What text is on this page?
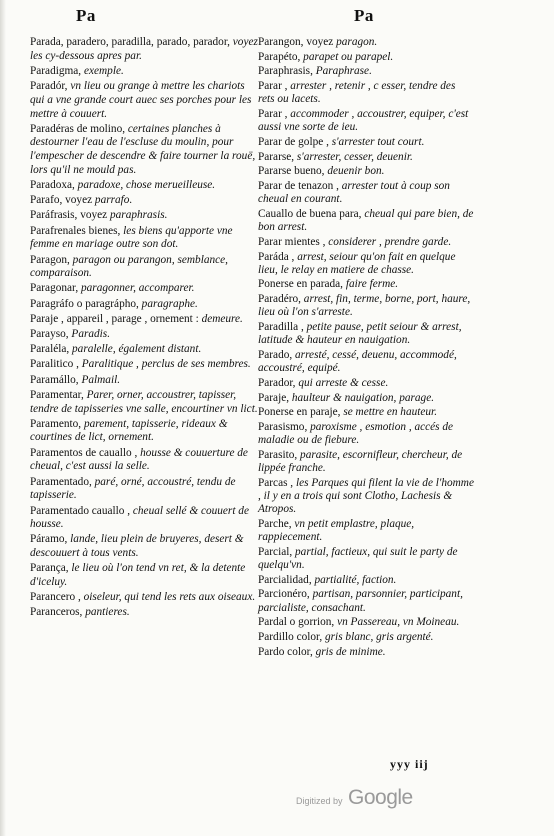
Pa	Pa
Parada, paradero, paradilla, parado, parador, voyez les cy-dessous apres par.
Paradigma, exemple.
Paradór, vn lieu ou grange à mettre les chariots qui a vne grande court auec ses porches pour les mettre à couuert.
Paradéras de molino, certaines planches à destourner l'eau de l'escluse du moulin, pour l'empescher de descendre & faire tourner la rouë, lors qu'il ne mould pas.
Paradoxa, paradoxe, chose merueilleuse.
Parafo, voyez parrafo.
Paráfrasis, voyez paraphrasis.
Parafrenales bienes, les biens qu'apporte vne femme en mariage outre son dot.
Paragon, paragon ou parangon, semblance, comparaison.
Paragonar, paragonner, accomparer.
Paragráfo o paragrápho, paragraphe.
Paraje , appareil , parage , ornement : demeure.
Parayso, Paradis.
Paraléla, paralelle, également distant.
Paralitico , Paralitique , perclus de ses membres.
Paramállo, Palmail.
Paramentar, Parer, orner, accoustrer, tapisser, tendre de tapisseries vne salle, encourtiner vn lict.
Paramento, parement, tapisserie, rideaux & courtines de lict, ornement.
Paramentos de cauallo , housse & couuerture de cheual, c'est aussi la selle.
Paramentado, paré, orné, accoustré, tendu de tapisserie.
Paramentado cauallo , cheual sellé & couuert de housse.
Páramo, lande, lieu plein de bruyeres, desert & descouuert à tous vents.
Parança, le lieu où l'on tend vn ret, & la detente d'iceluy.
Parancero , oiseleur, qui tend les rets aux oiseaux.
Paranceros, pantieres.
Parangon, voyez paragon.
Parapéto, parapet ou parapel.
Paraphrasis, Paraphrase.
Parar , arrester , retenir , c esser, tendre des rets ou lacets.
Parar , accommoder , accoustrer, equiper, c'est aussi vne sorte de ieu.
Parar de golpe , s'arrester tout court.
Pararse, s'arrester, cesser, deuenir.
Pararse bueno, deuenir bon.
Parar de tenazon , arrester tout à coup son cheual en courant.
Cauallo de buena para, cheual qui pare bien, de bon arrest.
Parar mientes , considerer , prendre garde.
Paráda , arrest, seiour qu'on fait en quelque lieu, le relay en matiere de chasse.
Ponerse en parada, faire ferme.
Paradéro, arrest, fin, terme, borne, port, haure, lieu où l'on s'arreste.
Paradilla , petite pause, petit seiour & arrest, latitude & hauteur en nauigation.
Parado, arresté, cessé, deuenu, accommodé, accoustré, equipé.
Parador, qui arreste & cesse.
Paraje, haulteur & nauigation, parage.
Ponerse en paraje, se mettre en hauteur.
Parasismo, paroxisme , esmotion , accés de maladie ou de fiebure.
Parasito, parasite, escornifleur, chercheur, de lippée franche.
Parcas , les Parques qui filent la vie de l'homme , il y en a trois qui sont Clotho, Lachesis & Atropos.
Parche, vn petit emplastre, plaque, rappiecement.
Parcial, partial, factieux, qui suit le party de quelqu'vn.
Parcialidad, partialité, faction.
Parcionéro, partisan, parsonnier, participant, parcialiste, consachant.
Pardal o gorrion, vn Passereau, vn Moineau.
Pardillo color, gris blanc, gris argenté.
Pardo color, gris de minime.
yyy iij
Digitized by Google
